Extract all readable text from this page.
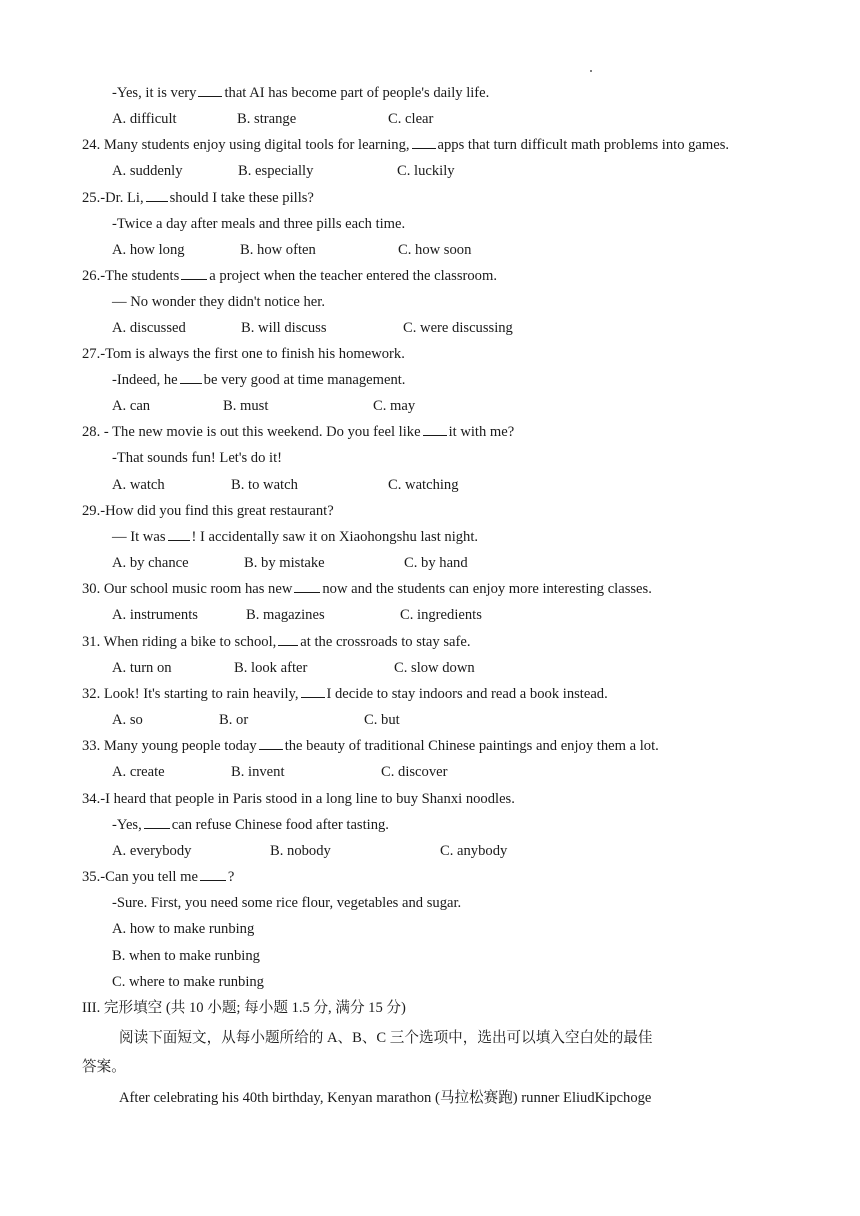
-Yes, it is very that AI has become part of people's daily life.
A. difficult	B. strange	C. clear
24. Many students enjoy using digital tools for learning, apps that turn difficult math problems into games.
A. suddenly	B. especially	C. luckily
25.-Dr. Li, should I take these pills?
-Twice a day after meals and three pills each time.
A. how long	B. how often	C. how soon
26.-The students a project when the teacher entered the classroom.
— No wonder they didn't notice her.
A. discussed	B. will discuss	C. were discussing
27.-Tom is always the first one to finish his homework.
-Indeed, he be very good at time management.
A. can	B. must	C. may
28. - The new movie is out this weekend. Do you feel like it with me?
-That sounds fun! Let's do it!
A. watch	B. to watch	C. watching
29.-How did you find this great restaurant?
— It was ! I accidentally saw it on Xiaohongshu last night.
A. by chance	B. by mistake	C. by hand
30. Our school music room has new now and the students can enjoy more interesting classes.
A. instruments	B. magazines	C. ingredients
31. When riding a bike to school, at the crossroads to stay safe.
A. turn on	B. look after	C. slow down
32. Look! It's starting to rain heavily, I decide to stay indoors and read a book instead.
A. so	B. or	C. but
33. Many young people today the beauty of traditional Chinese paintings and enjoy them a lot.
A. create	B. invent	C. discover
34.-I heard that people in Paris stood in a long line to buy Shanxi noodles.
-Yes, can refuse Chinese food after tasting.
A. everybody	B. nobody	C. anybody
35.-Can you tell me ?
-Sure. First, you need some rice flour, vegetables and sugar.
A. how to make runbing
B. when to make runbing
C. where to make runbing
III. 完形填空 (共 10 小题; 每小题 1.5 分, 满分 15 分)
阅读下面短文，从每小题所给的 A、B、C 三个选项中，选出可以填入空白处的最佳
答案。
After celebrating his 40th birthday, Kenyan marathon (马拉松赛跑) runner EliudKipchoge
